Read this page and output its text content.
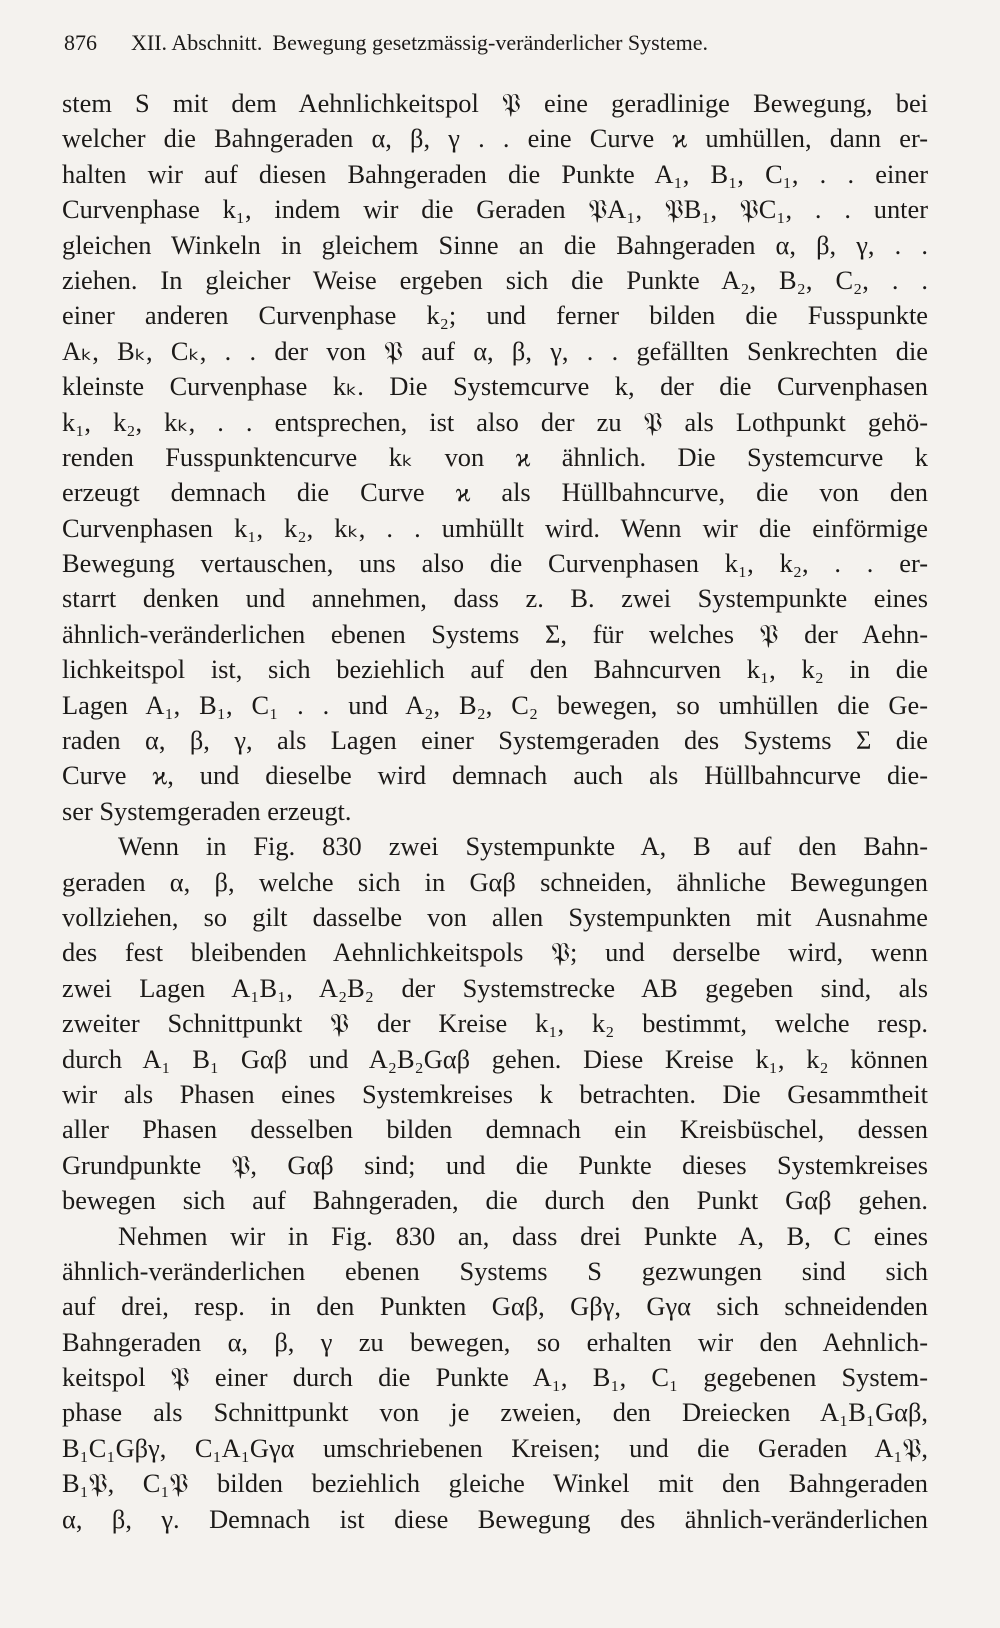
876 XII. Abschnitt. Bewegung gesetzmässig-veränderlicher Systeme.
stem S mit dem Aehnlichkeitspol 𝔓 eine geradlinige Bewegung, bei
welcher die Bahngeraden α, β, γ . . eine Curve ϰ umhüllen, dann er-
halten wir auf diesen Bahngeraden die Punkte A₁, B₁, C₁, . . einer
Curvenphase k₁, indem wir die Geraden 𝔓A₁, 𝔓B₁, 𝔓C₁, . . unter
gleichen Winkeln in gleichem Sinne an die Bahngeraden α, β, γ, . .
ziehen. In gleicher Weise ergeben sich die Punkte A₂, B₂, C₂, . .
einer anderen Curvenphase k₂; und ferner bilden die Fusspunkte
Aₖ, Bₖ, Cₖ, . . der von 𝔓 auf α, β, γ, . . gefällten Senkrechten die
kleinste Curvenphase kₖ. Die Systemcurve k, der die Curvenphasen
k₁, k₂, kₖ, . . entsprechen, ist also der zu 𝔓 als Lothpunkt gehö-
renden Fusspunktencurve kₖ von ϰ ähnlich. Die Systemcurve k
erzeugt demnach die Curve ϰ als Hüllbahncurve, die von den
Curvenphasen k₁, k₂, kₖ, . . umhüllt wird. Wenn wir die einförmige
Bewegung vertauschen, uns also die Curvenphasen k₁, k₂, . . er-
starrt denken und annehmen, dass z. B. zwei Systempunkte eines
ähnlich-veränderlichen ebenen Systems Σ, für welches 𝔓 der Aehn-
lichkeitspol ist, sich beziehlich auf den Bahncurven k₁, k₂ in die
Lagen A₁, B₁, C₁ . . und A₂, B₂, C₂ bewegen, so umhüllen die Ge-
raden α, β, γ, als Lagen einer Systemgeraden des Systems Σ die
Curve ϰ, und dieselbe wird demnach auch als Hüllbahncurve die-
ser Systemgeraden erzeugt.
Wenn in Fig. 830 zwei Systempunkte A, B auf den Bahn-
geraden α, β, welche sich in Gαβ schneiden, ähnliche Bewegungen
vollziehen, so gilt dasselbe von allen Systempunkten mit Ausnahme
des fest bleibenden Aehnlichkeitspols 𝔓; und derselbe wird, wenn
zwei Lagen A₁B₁, A₂B₂ der Systemstrecke AB gegeben sind, als
zweiter Schnittpunkt 𝔓 der Kreise k₁, k₂ bestimmt, welche resp.
durch A₁ B₁ Gαβ und A₂B₂Gαβ gehen. Diese Kreise k₁, k₂ können
wir als Phasen eines Systemkreises k betrachten. Die Gesammtheit
aller Phasen desselben bilden demnach ein Kreisbüschel, dessen
Grundpunkte 𝔓, Gαβ sind; und die Punkte dieses Systemkreises
bewegen sich auf Bahngeraden, die durch den Punkt Gαβ gehen.
Nehmen wir in Fig. 830 an, dass drei Punkte A, B, C eines
ähnlich-veränderlichen ebenen Systems S gezwungen sind sich
auf drei, resp. in den Punkten Gαβ, Gβγ, Gγα sich schneidenden
Bahngeraden α, β, γ zu bewegen, so erhalten wir den Aehnlich-
keitspol 𝔓 einer durch die Punkte A₁, B₁, C₁ gegebenen System-
phase als Schnittpunkt von je zweien, den Dreiecken A₁B₁Gαβ,
B₁C₁Gβγ, C₁A₁Gγα umschriebenen Kreisen; und die Geraden A₁𝔓,
B₁𝔓, C₁𝔓 bilden beziehlich gleiche Winkel mit den Bahngeraden
α, β, γ. Demnach ist diese Bewegung des ähnlich-veränderlichen
